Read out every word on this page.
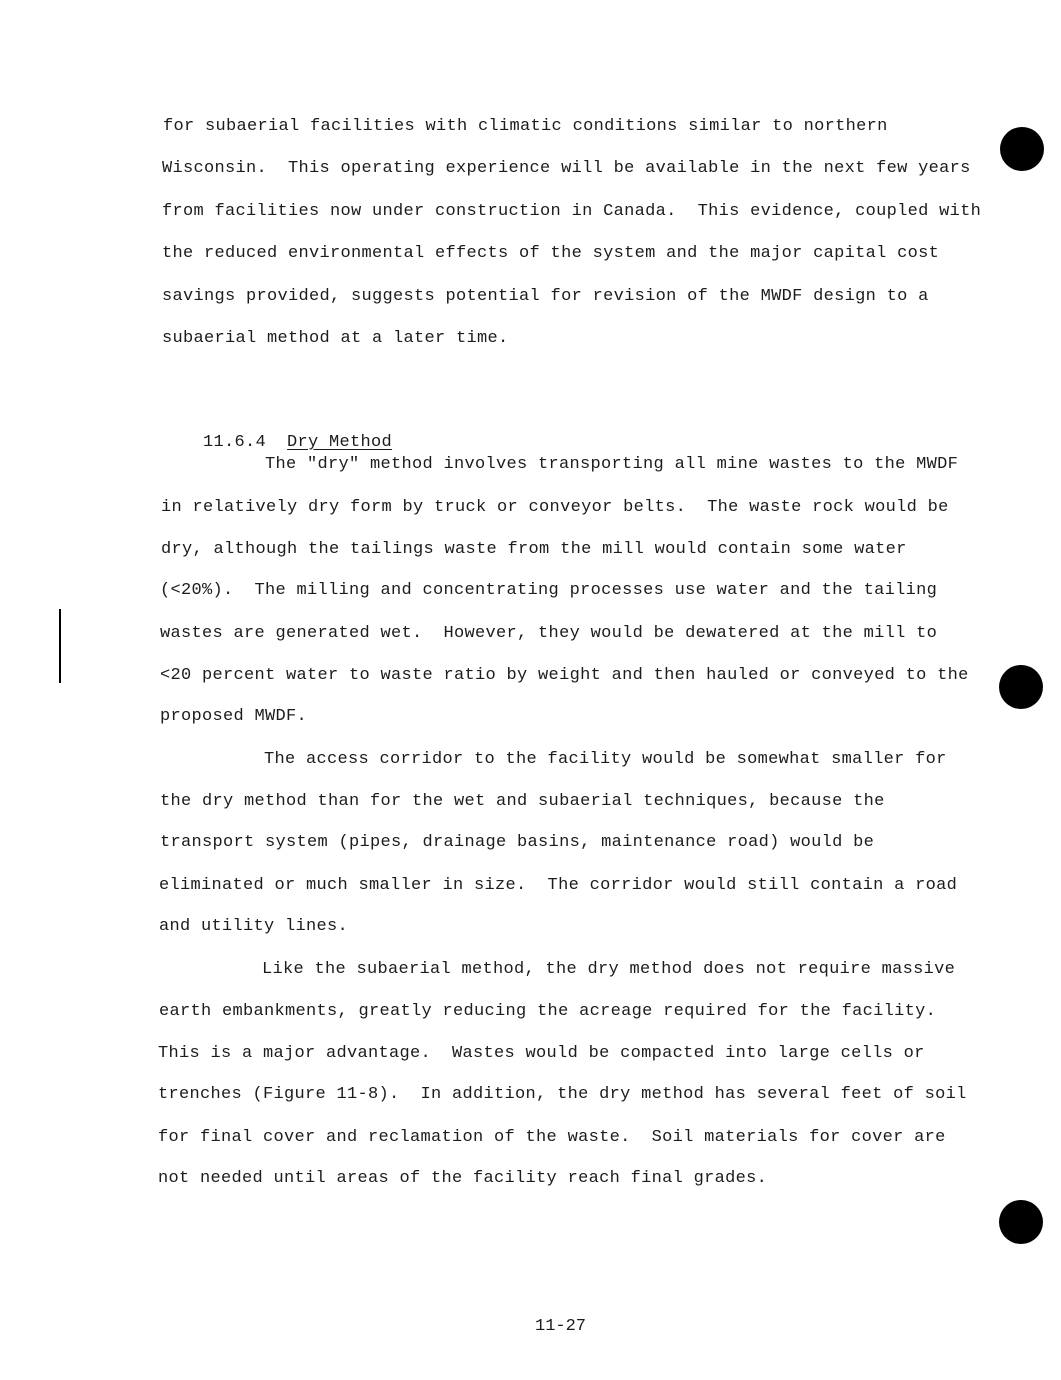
for subaerial facilities with climatic conditions similar to northern
Wisconsin.  This operating experience will be available in the next few years
from facilities now under construction in Canada.  This evidence, coupled with
the reduced environmental effects of the system and the major capital cost
savings provided, suggests potential for revision of the MWDF design to a
subaerial method at a later time.

11.6.4 Dry Method

The "dry" method involves transporting all mine wastes to the MWDF
in relatively dry form by truck or conveyor belts.  The waste rock would be
dry, although the tailings waste from the mill would contain some water
(<20%).  The milling and concentrating processes use water and the tailing
wastes are generated wet.  However, they would be dewatered at the mill to
<20 percent water to waste ratio by weight and then hauled or conveyed to the
proposed MWDF.
The access corridor to the facility would be somewhat smaller for
the dry method than for the wet and subaerial techniques, because the
transport system (pipes, drainage basins, maintenance road) would be
eliminated or much smaller in size.  The corridor would still contain a road
and utility lines.
Like the subaerial method, the dry method does not require massive
earth embankments, greatly reducing the acreage required for the facility.
This is a major advantage.  Wastes would be compacted into large cells or
trenches (Figure 11-8).  In addition, the dry method has several feet of soil
for final cover and reclamation of the waste.  Soil materials for cover are
not needed until areas of the facility reach final grades.
11-27
